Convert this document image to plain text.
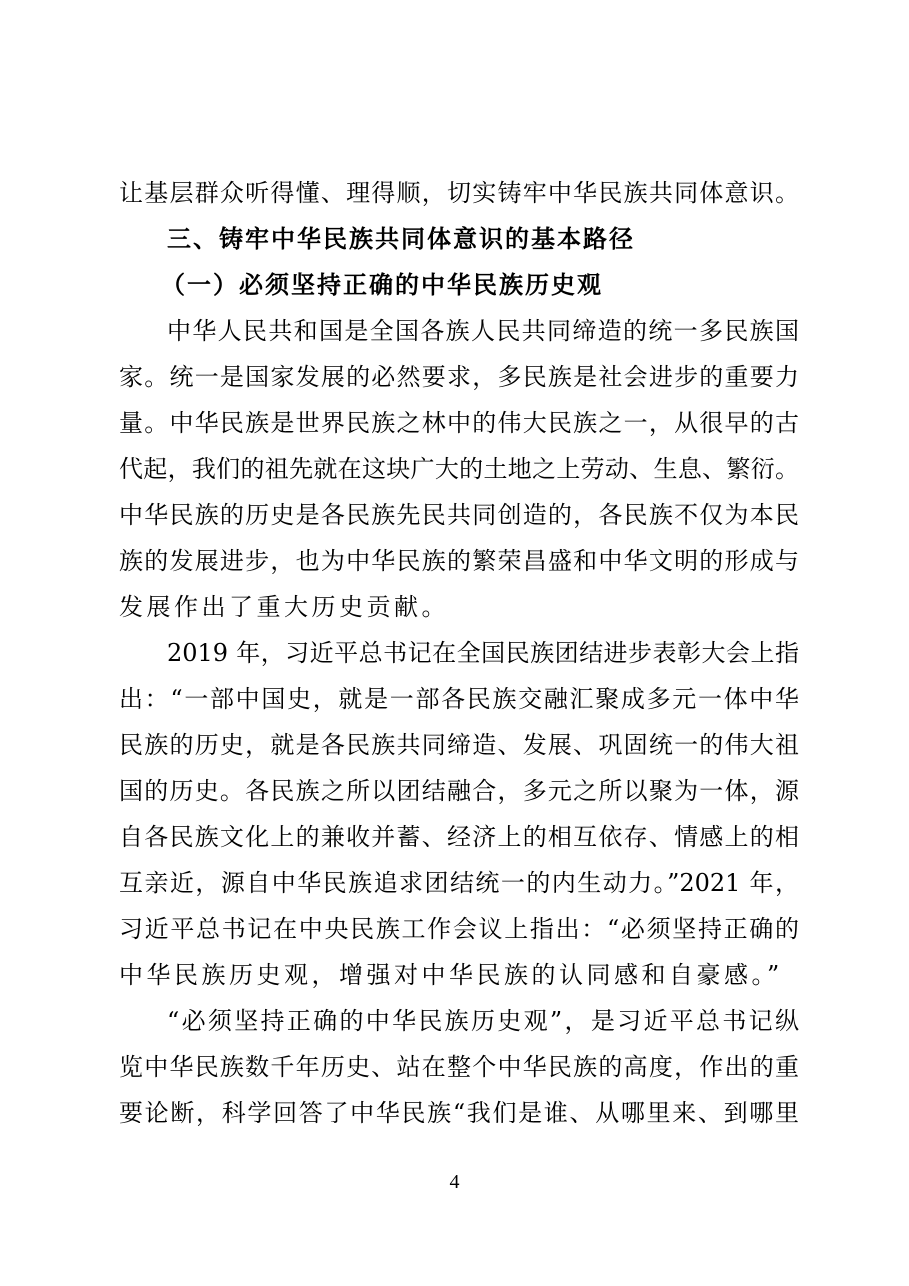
让基层群众听得懂、理得顺，切实铸牢中华民族共同体意识。
三、铸牢中华民族共同体意识的基本路径
（一）必须坚持正确的中华民族历史观
中华人民共和国是全国各族人民共同缔造的统一多民族国
家。统一是国家发展的必然要求，多民族是社会进步的重要力
量。中华民族是世界民族之林中的伟大民族之一，从很早的古
代起，我们的祖先就在这块广大的土地之上劳动、生息、繁衍。
中华民族的历史是各民族先民共同创造的，各民族不仅为本民
族的发展进步，也为中华民族的繁荣昌盛和中华文明的形成与
发展作出了重大历史贡献。
2019 年，习近平总书记在全国民族团结进步表彰大会上指
出：“一部中国史，就是一部各民族交融汇聚成多元一体中华
民族的历史，就是各民族共同缔造、发展、巩固统一的伟大祖
国的历史。各民族之所以团结融合，多元之所以聚为一体，源
自各民族文化上的兼收并蓄、经济上的相互依存、情感上的相
互亲近，源自中华民族追求团结统一的内生动力。”2021 年，
习近平总书记在中央民族工作会议上指出：“必须坚持正确的
中华民族历史观，增强对中华民族的认同感和自豪感。”
“必须坚持正确的中华民族历史观”，是习近平总书记纵
览中华民族数千年历史、站在整个中华民族的高度，作出的重
要论断，科学回答了中华民族“我们是谁、从哪里来、到哪里
4
